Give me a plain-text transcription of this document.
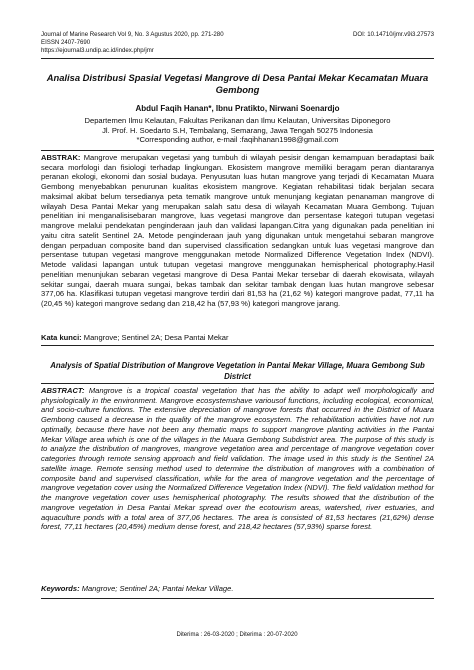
Journal of Marine Research Vol 9, No. 3 Agustus 2020, pp. 271-280
EISSN 2407-7690
https://ejournal3.undip.ac.id/index.php/jmr
DOI: 10.14710/jmr.v9i3.27573
Analisa Distribusi Spasial Vegetasi Mangrove di Desa Pantai Mekar Kecamatan Muara Gembong
Abdul Faqih Hanan*, Ibnu Pratikto, Nirwani Soenardjo
Departemen Ilmu Kelautan, Fakultas Perikanan dan Ilmu Kelautan, Universitas Diponegoro
Jl. Prof. H. Soedarto S.H, Tembalang, Semarang, Jawa Tengah 50275 Indonesia
*Corresponding author, e-mail :faqihhanan1998@gmail.com
ABSTRAK: Mangrove merupakan vegetasi yang tumbuh di wilayah pesisir dengan kemampuan beradaptasi baik secara morfologi dan fisiologi terhadap lingkungan. Ekosistem mangrove memiliki beragam peran diantaranya peranan ekologi, ekonomi dan sosial budaya. Penyusutan luas hutan mangrove yang terjadi di Kecamatan Muara Gembong menyebabkan penurunan kualitas ekosistem mangrove. Kegiatan rehabilitasi tidak berjalan secara maksimal akibat belum tersedianya peta tematik mangrove untuk menunjang kegiatan penanaman mangrove di wilayah Desa Pantai Mekar yang merupakan salah satu desa di wilayah Kecamatan Muara Gembong. Tujuan penelitian ini menganalisisebaran mangrove, luas vegetasi mangrove dan persentase kategori tutupan vegetasi mangrove melalui pendekatan penginderaan jauh dan validasi lapangan.Citra yang digunakan pada penelitian ini yaitu citra satelit Sentinel 2A. Metode penginderaan jauh yang digunakan untuk mengetahui sebaran mangrove dengan perpaduan composite band dan supervised classification sedangkan untuk luas vegetasi mangrove dan persentase tutupan vegetasi mangrove menggunakan metode Normalized Difference Vegetation Index (NDVI). Metode validasi lapangan untuk tutupan vegetasi mangrove menggunakan hemispherical photography.Hasil penelitian menunjukan sebaran vegetasi mangrove di Desa Pantai Mekar tersebar di daerah ekowisata, wilayah sekitar sungai, daerah muara sungai, bekas tambak dan sekitar tambak dengan luas hutan mangrove sebesar 377,06 ha. Klasifikasi tutupan vegetasi mangrove terdiri dari 81,53 ha (21,62 %) kategori mangrove padat, 77,11 ha (20,45 %) kategori mangrove sedang dan 218,42 ha (57,93 %) kategori mangrove jarang.
Kata kunci: Mangrove; Sentinel 2A; Desa Pantai Mekar
Analysis of Spatial Distribution of Mangrove Vegetation in Pantai Mekar Village, Muara Gembong Sub District
ABSTRACT: Mangrove is a tropical coastal vegetation that has the ability to adapt well morphologically and physiologically in the environment. Mangrove ecosystemshave variousof functions, including ecological, economical, and socio-culture functions. The extensive depreciation of mangrove forests that occurred in the District of Muara Gembong caused a decrease in the quality of the mangrove ecosystem. The rehabilitation activities have not run optimally, because there have not been any thematic maps to support mangrove planting activities in the Pantai Mekar Village area which is one of the villages in the Muara Gembong Subdistrict area. The purpose of this study is to analyze the distribution of mangroves, mangrove vegetation area and percentage of mangrove vegetation cover categories through remote sensing approach and field validation. The image used in this study is the Sentinel 2A satellite image. Remote sensing method used to determine the distribution of mangroves with a combination of composite band and supervised classification, while for the area of mangrove vegetation and the percentage of mangrove vegetation cover using the Normalized Difference Vegetation Index (NDVI). The field validation method for the mangrove vegetation cover uses hemispherical photography. The results showed that the distribution of the mangrove vegetation in Desa Pantai Mekar spread over the ecotourism areas, watershed, river estuaries, and aquaculture ponds with a total area of 377,06 hectares. The area is consisted of 81,53 hectares (21,62%) dense forest, 77,11 hectares (20,45%) medium dense forest, and 218,42 hectares (57,93%) sparse forest.
Keywords: Mangrove; Sentinel 2A; Pantai Mekar Village.
Diterima : 26-03-2020 ; Diterima : 20-07-2020
